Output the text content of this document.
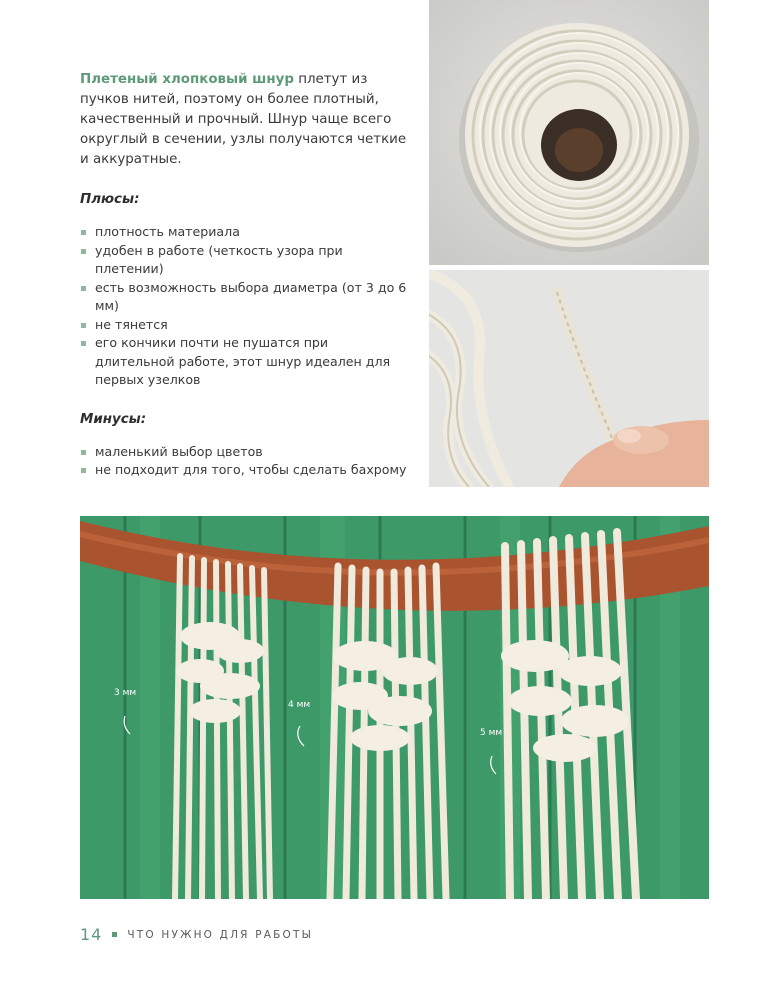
Плетеный хлопковый шнур плетут из пучков нитей, поэтому он более плотный, качественный и прочный. Шнур чаще всего округлый в сечении, узлы получаются четкие и аккуратные.

Плюсы:
плотность материала
удобен в работе (четкость узора при плетении)
есть возможность выбора диаметра (от 3 до 6 мм)
не тянется
его кончики почти не пушатся при длительной работе, этот шнур идеален для первых узелков
Минусы:
маленький выбор цветов
не подходит для того, чтобы сделать бахрому
3 мм
4 мм
5 мм
14 ЧТО НУЖНО ДЛЯ РАБОТЫ
